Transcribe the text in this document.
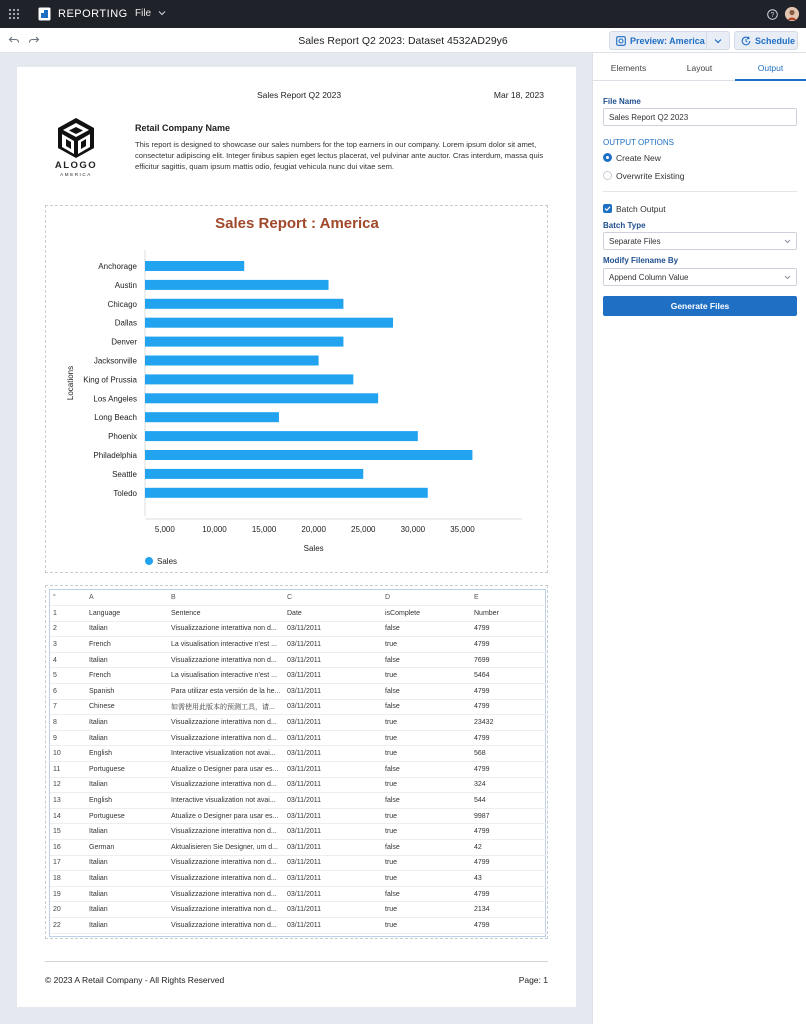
REPORTING File	?
Sales Report Q2 2023: Dataset 4532AD29y6	Preview: America	Schedule
Sales Report Q2 2023	Mar 18, 2023
ALOGO
AMERICA
Retail Company Name
This report is designed to showcase our sales numbers for the top earners in our company. Lorem ipsum dolor sit amet, consectetur adipiscing elit. Integer finibus sapien eget lectus placerat, vel pulvinar ante auctor. Cras interdum, massa quis efficitur sagittis, quam ipsum mattis odio, feugiat vehicula nunc dui vitae sem.
Sales Report : America
Anchorage
Austin
Chicago
Dallas
Denver
Jacksonville
King of Prussia
Los Angeles
Long Beach
Phoenix
Philadelphia
Seattle
Toledo
5,000	10,000	15,000	20,000	25,000	30,000	35,000
Sales
Locations
Sales
°	A	B	C	D	E
1	Language	Sentence	Date	isComplete	Number
2	Italian	Visualizzazione interattiva non d...	03/11/2011	false	4799
3	French	La visualisation interactive n'est ...	03/11/2011	true	4799
4	Italian	Visualizzazione interattiva non d...	03/11/2011	false	7699
5	French	La visualisation interactive n'est ...	03/11/2011	true	5464
6	Spanish	Para utilizar esta versión de la he...	03/11/2011	false	4799
7	Chinese	如需使用此版本的预测工具，请...	03/11/2011	false	4799
8	Italian	Visualizzazione interattiva non d...	03/11/2011	true	23432
9	Italian	Visualizzazione interattiva non d...	03/11/2011	true	4799
10	English	Interactive visualization not avai...	03/11/2011	true	568
11	Portuguese	Atualize o Designer para usar es...	03/11/2011	false	4799
12	Italian	Visualizzazione interattiva non d...	03/11/2011	true	324
13	English	Interactive visualization not avai...	03/11/2011	false	544
14	Portuguese	Atualize o Designer para usar es...	03/11/2011	true	9987
15	Italian	Visualizzazione interattiva non d...	03/11/2011	true	4799
16	German	Aktualisieren Sie Designer, um d...	03/11/2011	false	42
17	Italian	Visualizzazione interattiva non d...	03/11/2011	true	4799
18	Italian	Visualizzazione interattiva non d...	03/11/2011	true	43
19	Italian	Visualizzazione interattiva non d...	03/11/2011	false	4799
20	Italian	Visualizzazione interattiva non d...	03/11/2011	true	2134
22	Italian	Visualizzazione interattiva non d...	03/11/2011	true	4799
© 2023 A Retail Company - All Rights Reserved	Page: 1
Elements	Layout	Output
File Name
Sales Report Q2 2023
OUTPUT OPTIONS
Create New
Overwrite Existing
Batch Output
Batch Type
Separate Files
Modify Filename By
Append Column Value
Generate Files
